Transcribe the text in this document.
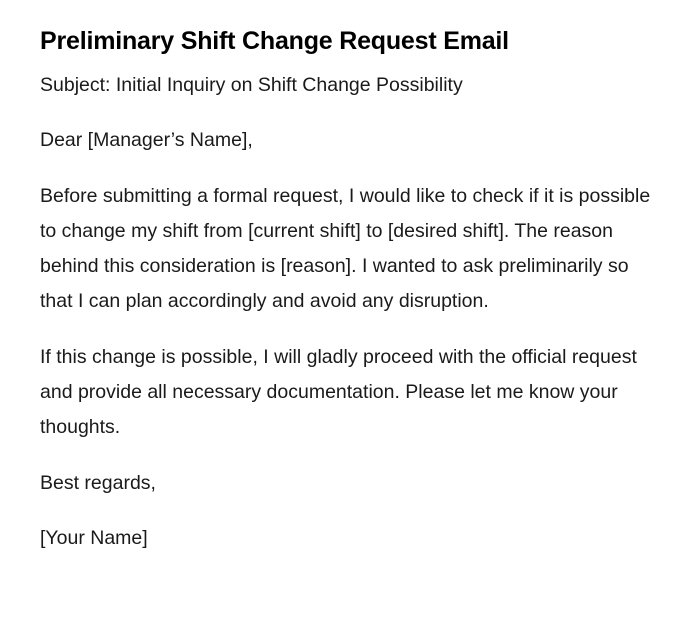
Preliminary Shift Change Request Email

Subject: Initial Inquiry on Shift Change Possibility

Dear [Manager’s Name],

Before submitting a formal request, I would like to check if it is possible to change my shift from [current shift] to [desired shift]. The reason behind this consideration is [reason]. I wanted to ask preliminarily so that I can plan accordingly and avoid any disruption.

If this change is possible, I will gladly proceed with the official request and provide all necessary documentation. Please let me know your thoughts.

Best regards,

[Your Name]
